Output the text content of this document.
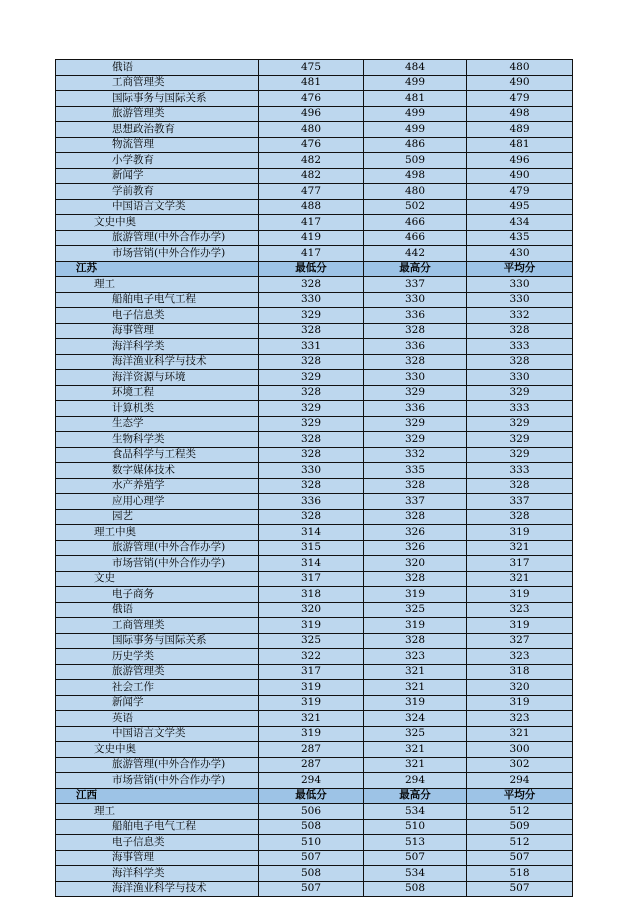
俄语	475	484	480
工商管理类	481	499	490
国际事务与国际关系	476	481	479
旅游管理类	496	499	498
思想政治教育	480	499	489
物流管理	476	486	481
小学教育	482	509	496
新闻学	482	498	490
学前教育	477	480	479
中国语言文学类	488	502	495
文史中奥	417	466	434
旅游管理(中外合作办学)	419	466	435
市场营销(中外合作办学)	417	442	430
江苏	最低分	最高分	平均分
理工	328	337	330
船舶电子电气工程	330	330	330
电子信息类	329	336	332
海事管理	328	328	328
海洋科学类	331	336	333
海洋渔业科学与技术	328	328	328
海洋资源与环境	329	330	330
环境工程	328	329	329
计算机类	329	336	333
生态学	329	329	329
生物科学类	328	329	329
食品科学与工程类	328	332	329
数字媒体技术	330	335	333
水产养殖学	328	328	328
应用心理学	336	337	337
园艺	328	328	328
理工中奥	314	326	319
旅游管理(中外合作办学)	315	326	321
市场营销(中外合作办学)	314	320	317
文史	317	328	321
电子商务	318	319	319
俄语	320	325	323
工商管理类	319	319	319
国际事务与国际关系	325	328	327
历史学类	322	323	323
旅游管理类	317	321	318
社会工作	319	321	320
新闻学	319	319	319
英语	321	324	323
中国语言文学类	319	325	321
文史中奥	287	321	300
旅游管理(中外合作办学)	287	321	302
市场营销(中外合作办学)	294	294	294
江西	最低分	最高分	平均分
理工	506	534	512
船舶电子电气工程	508	510	509
电子信息类	510	513	512
海事管理	507	507	507
海洋科学类	508	534	518
海洋渔业科学与技术	507	508	507
